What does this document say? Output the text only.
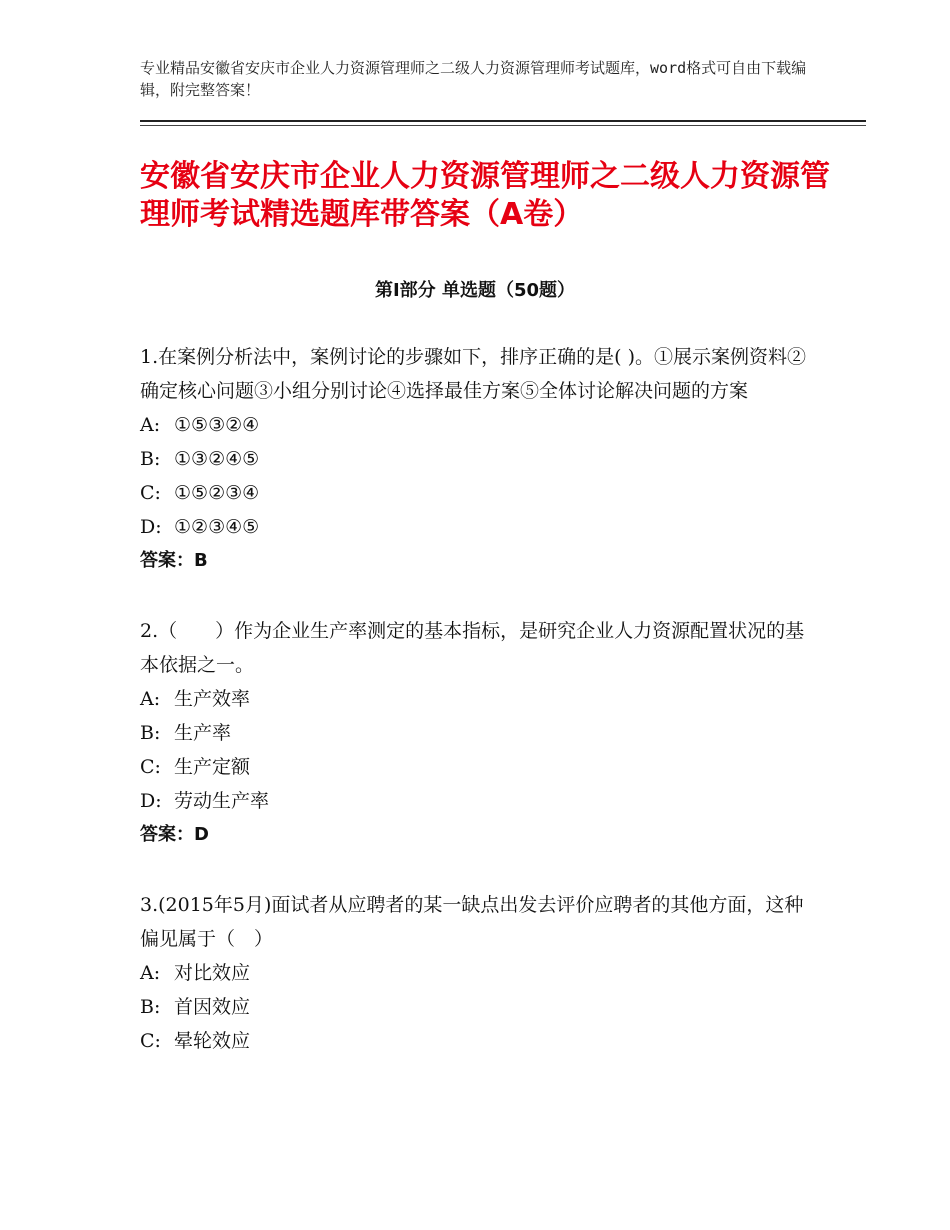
专业精品安徽省安庆市企业人力资源管理师之二级人力资源管理师考试题库，word格式可自由下载编辑，附完整答案！
安徽省安庆市企业人力资源管理师之二级人力资源管理师考试精选题库带答案（A卷）
第Ⅰ部分 单选题（50题）
1.在案例分析法中，案例讨论的步骤如下，排序正确的是( )。①展示案例资料②确定核心问题③小组分别讨论④选择最佳方案⑤全体讨论解决问题的方案
A: ①⑤③②④
B: ①③②④⑤
C: ①⑤②③④
D: ①②③④⑤
答案：B
2.（　　）作为企业生产率测定的基本指标，是研究企业人力资源配置状况的基本依据之一。
A: 生产效率
B: 生产率
C: 生产定额
D: 劳动生产率
答案：D
3.(2015年5月)面试者从应聘者的某一缺点出发去评价应聘者的其他方面，这种偏见属于（　）
A: 对比效应
B: 首因效应
C: 晕轮效应
